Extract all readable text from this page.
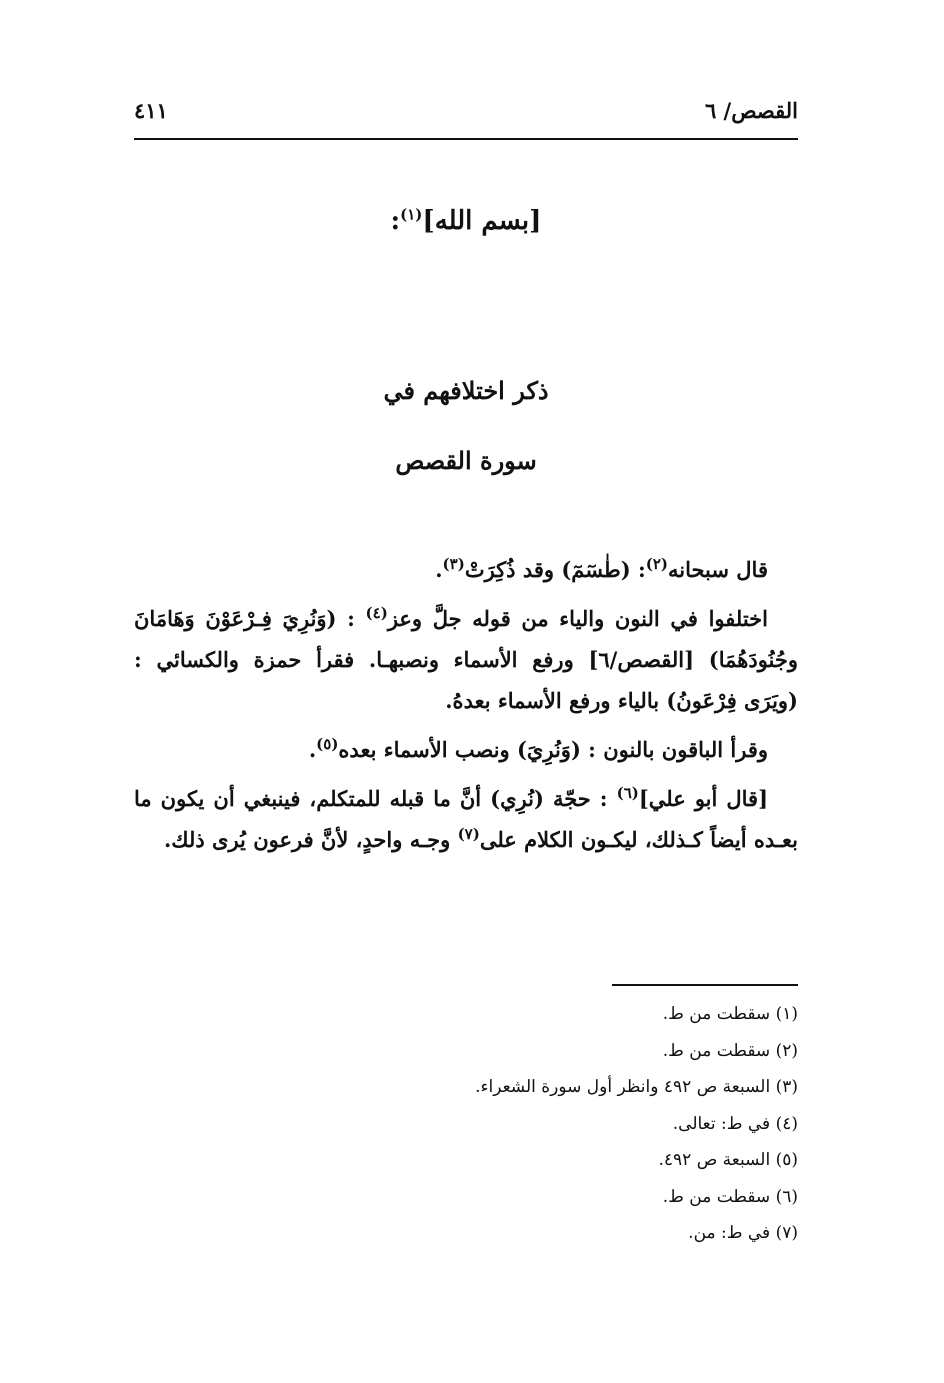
القصص/ ٦
٤١١
[بسم الله]$^{(١)}$:
ذكر اختلافهم في
سورة القصص

قال سبحانه$^{(٢)}$: (طٰسٓمٓ) وقد ذُكِرَتْ$^{(٣)}$.

اختلفوا في النون والياء من قوله جلَّ وعز$^{(٤)}$ : (وَنُرِيَ فِـرْعَوْنَ وَهَامَانَ وجُنُودَهُمَا) [القصص/٦] ورفع الأسماء ونصبهـا. فقرأ حمزة والكسائي : (ويَرَى فِرْعَونُ) بالياء ورفع الأسماء بعدهُ.

وقرأ الباقون بالنون : (وَنُرِيَ) ونصب الأسماء بعده$^{(٥)}$.

[قال أبو علي]$^{(٦)}$ : حجّة (نُرِي) أنَّ ما قبله للمتكلم، فينبغي أن يكون ما بعـده أيضاً كـذلك، ليكـون الكلام على$^{(٧)}$ وجـه واحدٍ، لأنَّ فرعون يُرى ذلك.

(١) سقطت من ط.
(٢) سقطت من ط.
(٣) السبعة ص ٤٩٢ وانظر أول سورة الشعراء.
(٤) في ط: تعالى.
(٥) السبعة ص ٤٩٢.
(٦) سقطت من ط.
(٧) في ط: من.
